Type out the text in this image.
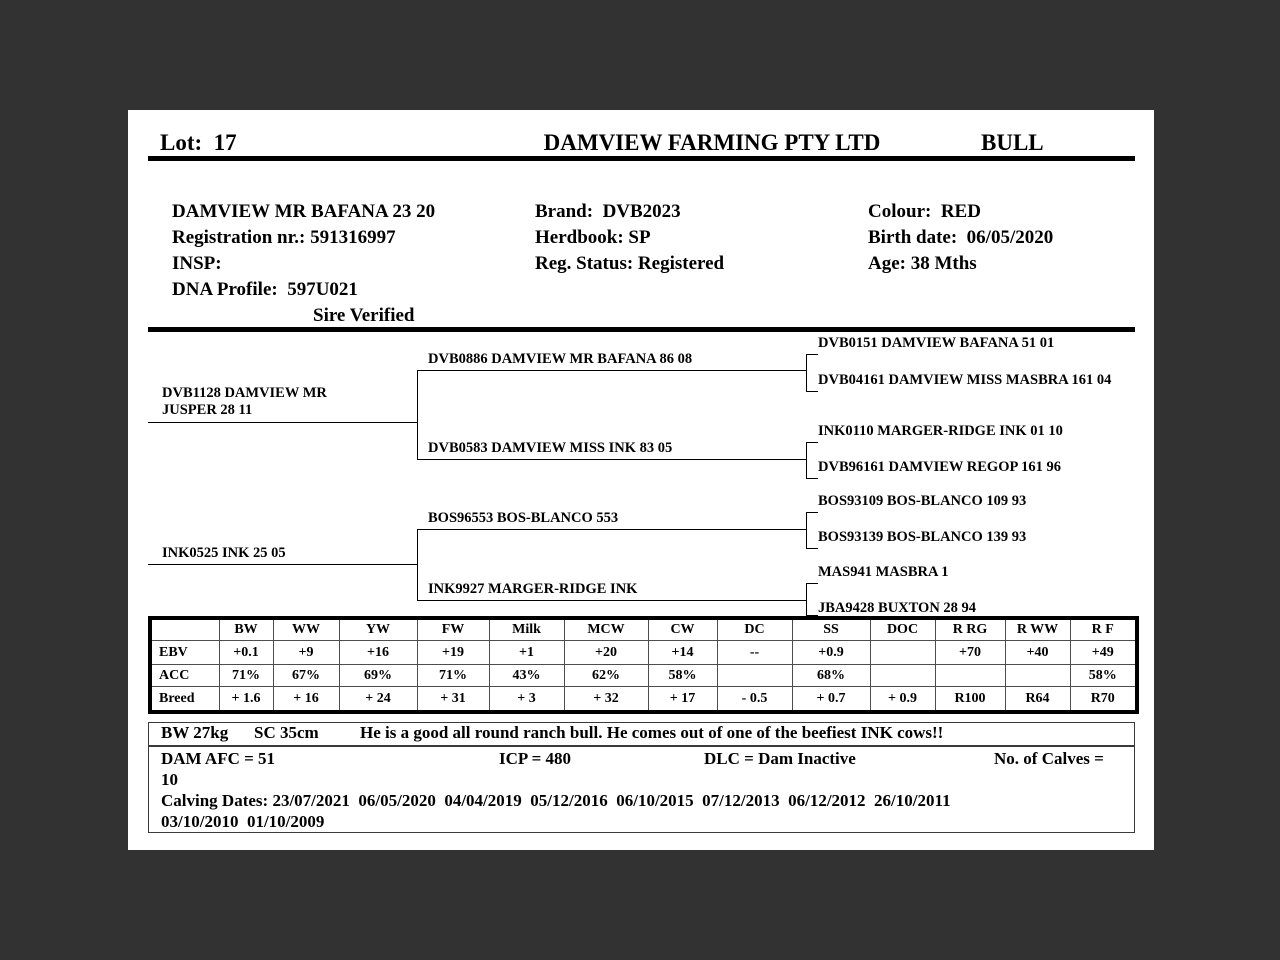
Lot:  17	DAMVIEW FARMING PTY LTD	BULL
DAMVIEW MR BAFANA 23 20
Registration nr.: 591316997
INSP:
DNA Profile:  597U021
Sire Verified
Brand:  DVB2023
Herdbook: SP
Reg. Status: Registered
Colour:  RED
Birth date:  06/05/2020
Age: 38 Mths
DVB1128 DAMVIEW MR JUSPER 28 11
INK0525 INK 25 05
DVB0886 DAMVIEW MR BAFANA 86 08
DVB0583 DAMVIEW MISS INK 83 05
BOS96553 BOS-BLANCO 553
INK9927 MARGER-RIDGE INK
DVB0151 DAMVIEW BAFANA 51 01
DVB04161 DAMVIEW MISS MASBRA 161 04
INK0110 MARGER-RIDGE INK 01 10
DVB96161 DAMVIEW REGOP 161 96
BOS93109 BOS-BLANCO 109 93
BOS93139 BOS-BLANCO 139 93
MAS941 MASBRA 1
JBA9428 BUXTON 28 94
	BW	WW	YW	FW	Milk	MCW	CW	DC	SS	DOC	R RG	R WW	R F
EBV	+0.1	+9	+16	+19	+1	+20	+14	--	+0.9		+70	+40	+49
ACC	71%	67%	69%	71%	43%	62%	58%		68%				58%
Breed	+ 1.6	+ 16	+ 24	+ 31	+ 3	+ 32	+ 17	- 0.5	+ 0.7	+ 0.9	R100	R64	R70
BW 27kg SC 35cm He is a good all round ranch bull. He comes out of one of the beefiest INK cows!!
DAM AFC = 51	ICP = 480	DLC = Dam Inactive	No. of Calves =
10
Calving Dates: 23/07/2021  06/05/2020  04/04/2019  05/12/2016  06/10/2015  07/12/2013  06/12/2012  26/10/2011
03/10/2010  01/10/2009
